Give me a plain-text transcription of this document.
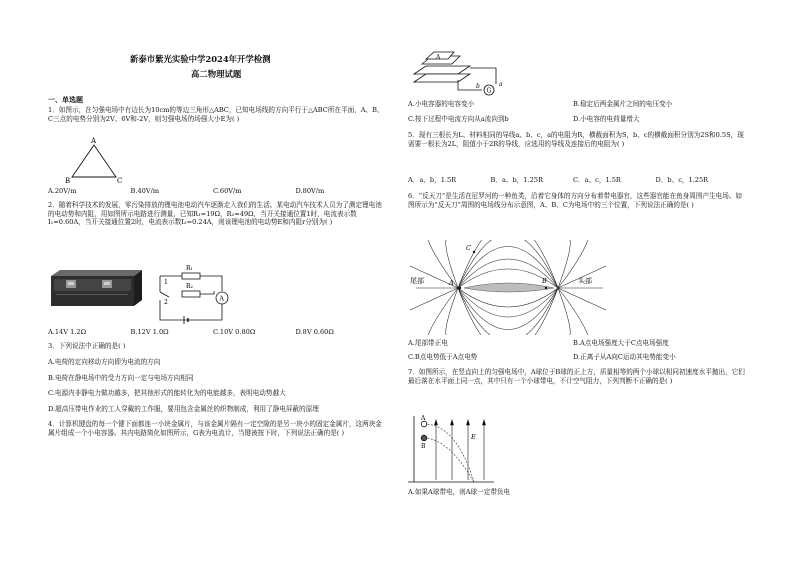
新泰市紫光实验中学2024年开学检测
高二物理试题
一、单选题
1．如图示，在匀强电场中有边长为10cm的等边三角形△ABC，已知电场线的方向平行于△ABC所在平面，A、B、C三点的电势分别为2V、6V和-2V，则匀强电场的场强大小E为( )
A
B	C
A.20V/m	B.40V/m	C.60V/m	D.80V/m
2．随着科学技术的发展，零污染排放的锂电池电动汽车逐渐走入我们的生活。某电动汽车技术人员为了测定锂电池的电动势和内阻，用如图所示电路进行测量，已知R₁=19Ω，R₂=49Ω，当开关接通位置1时，电流表示数I₁=0.60A，当开关接通位置2时，电流表示数I₂=0.24A，则该锂电池的电动势E和内阻r分别为( )
R₁
R₂
A
1
2
A.14V 1.2Ω	B.12V 1.0Ω	C.10V 0.80Ω	D.8V 0.60Ω
3．下列说法中正确的是( )
A.电荷的定向移动方向即为电流的方向
B.电荷在静电场中的受力方向一定与电场方向相同
C.电源内非静电力做功越多，把其他形式的能转化为的电能越多，表明电动势越大
D.超高压带电作业的工人穿戴的工作服，要用包含金属丝的织物制成，利用了静电屏蔽的原理
4．计算机键盘的每一个键下面都连一小块金属片，与该金属片隔有一定空隙的是另一块小的固定金属片，这两块金属片组成一个小电容器。其内电路简化如图所示，G表为电流计，当键被按下时，下列说法正确的是( )
A
G
a
b
A.小电容器的电容变小	B.稳定后两金属片之间的电压变小
C.按下过程中电流方向从a流向到b	D.小电容的电荷量增大
5．现有三根长为L、材料相同的导线a、b、c，a的电阻为R，横截面积为S，b、c的横截面积分别为2S和0.5S，现需要一根长为2L，阻值小于2R的导线，应选用的导线及连接后的电阻为( )
A．a、b，1.5R	B．a、b，1.25R	C．a、c，1.5R	D．b、c，1.25R
6．“反天刀”是生活在尼罗河的一种鱼类，沿着它身体的方向分布着带电器官，这些器官能在鱼身周围产生电场。如图所示为“反天刀”周围的电场线分布示意图，A、B、C为电场中的三个位置，下列说法正确的是( )
尾部	头部
A	B
C
A.尾部带正电	B.A点电场强度大于C点电场强度
C.B点电势低于A点电势	D.正离子从A向C运动其电势能变小
7．如图所示，在竖直向上的匀强电场中，A球位于B球的正上方，质量相等的两个小球以相同初速度水平抛出，它们最后落在水平面上同一点，其中只有一个小球带电，不计空气阻力，下列判断不正确的是( )
A
B
E
A.如果A球带电，则A球一定带负电
